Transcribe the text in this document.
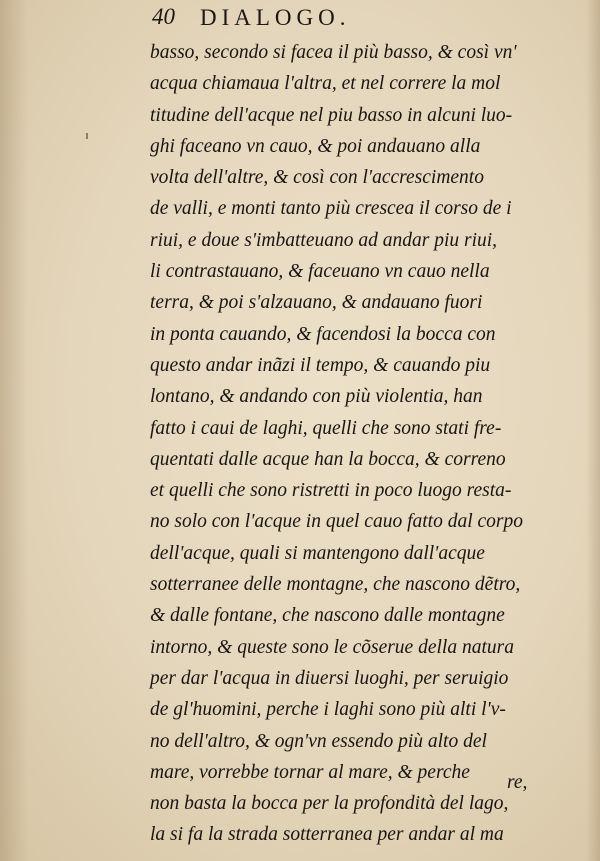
40 DIALOGO.
basso, secondo si facea il più basso, & così vn'
acqua chiamaua l'altra, et nel correre la mol
titudine dell'acque nel piu basso in alcuni luo-
ghi faceano vn cauo, & poi andauano alla
volta dell'altre, & così con l'accrescimento
de valli, e monti tanto più crescea il corso de i
riui, e doue s'imbatteuano ad andar piu riui,
li contrastauano, & faceuano vn cauo nella
terra, & poi s'alzauano, & andauano fuori
in ponta cauando, & facendosi la bocca con
questo andar inãzi il tempo, & cauando piu
lontano, & andando con più violentia, han
fatto i caui de laghi, quelli che sono stati fre-
quentati dalle acque han la bocca, & correno
et quelli che sono ristretti in poco luogo resta-
no solo con l'acque in quel cauo fatto dal corpo
dell'acque, quali si mantengono dall'acque
sotterranee delle montagne, che nascono dẽtro,
& dalle fontane, che nascono dalle montagne
intorno, & queste sono le cõserue della natura
per dar l'acqua in diuersi luoghi, per seruigio
de gl'huomini, perche i laghi sono più alti l'v-
no dell'altro, & ogn'vn essendo più alto del
mare, vorrebbe tornar al mare, & perche
non basta la bocca per la profondità del lago,
la si fa la strada sotterranea per andar al ma
re,
